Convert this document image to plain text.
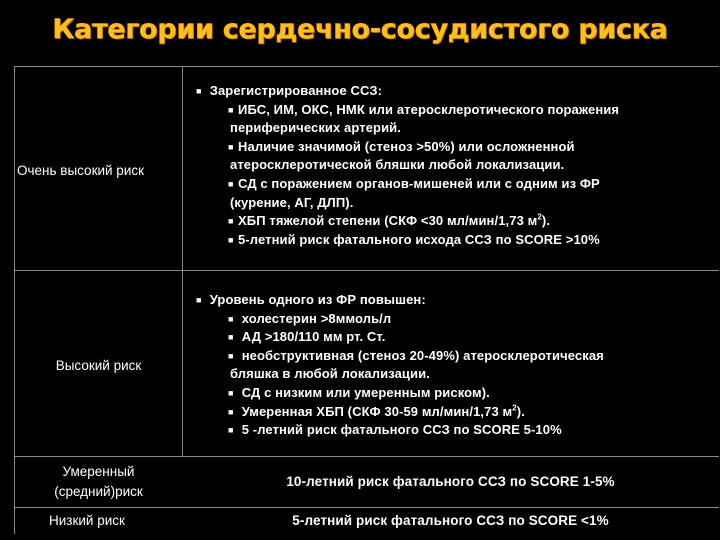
Категории сердечно-сосудистого риска
Очень высокий риск
■ Зарегистрированное ССЗ:
■ ИБС, ИМ, ОКС, НМК или атеросклеротического поражения
периферических артерий.
■ Наличие значимой (стеноз >50%) или осложненной
атеросклеротической бляшки любой локализации.
■ СД с поражением органов-мишеней или с одним из ФР
(курение, АГ, ДЛП).
■ ХБП тяжелой степени (СКФ <30 мл/мин/1,73 $м^2$).
■ 5-летний риск фатального исхода ССЗ по SCORE >10%
Высокий риск
■ Уровень одного из ФР повышен:
■ холестерин >8ммоль/л
■ АД >180/110 мм рт. Ст.
■ необструктивная (стеноз 20-49%) атеросклеротическая
бляшка в любой локализации.
■ СД с низким или умеренным риском).
■ Умеренная ХБП (СКФ 30-59 мл/мин/1,73 $м^2$).
■ 5 -летний риск фатального ССЗ по SCORE 5-10%
Умеренный (средний)риск
10-летний риск фатального ССЗ по SCORE 1-5%
Низкий риск	5-летний риск фатального ССЗ по SCORE <1%
